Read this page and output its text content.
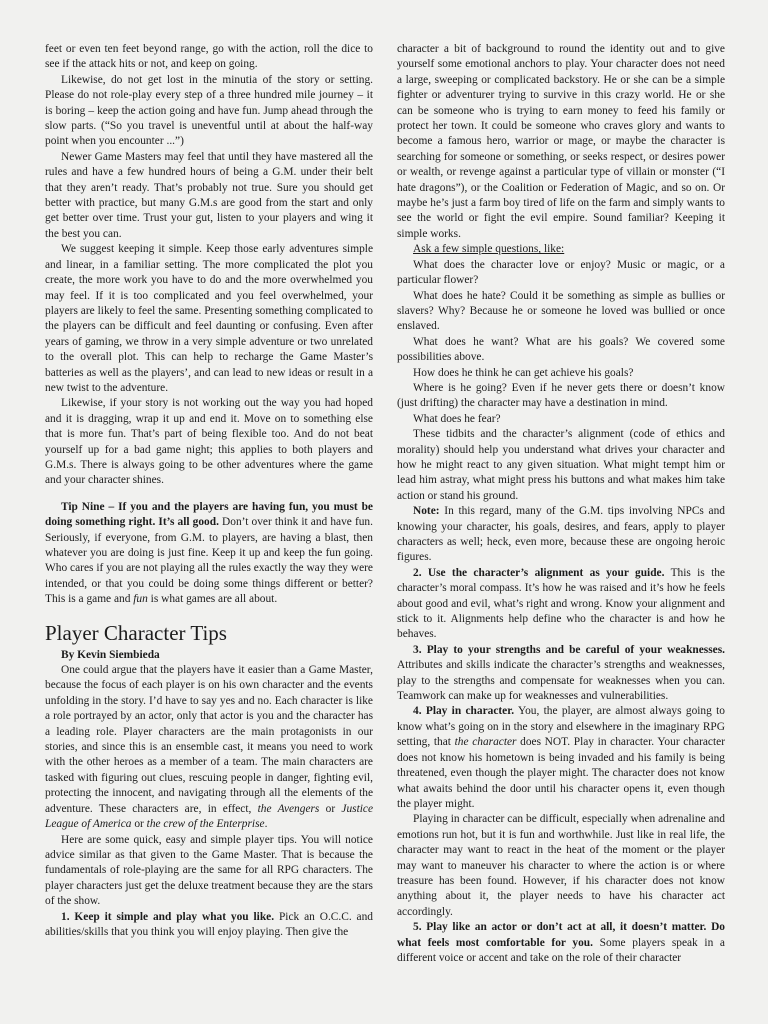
feet or even ten feet beyond range, go with the action, roll the dice to see if the attack hits or not, and keep on going.

Likewise, do not get lost in the minutia of the story or setting. Please do not role-play every step of a three hundred mile journey – it is boring – keep the action going and have fun. Jump ahead through the slow parts. (“So you travel is uneventful until at about the half-way point when you encounter ...”)

Newer Game Masters may feel that until they have mastered all the rules and have a few hundred hours of being a G.M. under their belt that they aren’t ready. That’s probably not true. Sure you should get better with practice, but many G.M.s are good from the start and only get better over time. Trust your gut, listen to your players and wing it the best you can.

We suggest keeping it simple. Keep those early adventures simple and linear, in a familiar setting. The more complicated the plot you create, the more work you have to do and the more overwhelmed you may feel. If it is too complicated and you feel overwhelmed, your players are likely to feel the same. Presenting something complicated to the players can be difficult and feel daunting or confusing. Even after years of gaming, we throw in a very simple adventure or two unrelated to the overall plot. This can help to recharge the Game Master’s batteries as well as the players’, and can lead to new ideas or result in a new twist to the adventure.

Likewise, if your story is not working out the way you had hoped and it is dragging, wrap it up and end it. Move on to something else that is more fun. That’s part of being flexible too. And do not beat yourself up for a bad game night; this applies to both players and G.M.s. There is always going to be other adventures where the game and your character shines.

Tip Nine – If you and the players are having fun, you must be doing something right. It’s all good. Don’t over think it and have fun. Seriously, if everyone, from G.M. to players, are having a blast, then whatever you are doing is just fine. Keep it up and keep the fun going. Who cares if you are not playing all the rules exactly the way they were intended, or that you could be doing some things different or better? This is a game and fun is what games are all about.

Player Character Tips

By Kevin Siembieda

One could argue that the players have it easier than a Game Master, because the focus of each player is on his own character and the events unfolding in the story. I’d have to say yes and no. Each character is like a role portrayed by an actor, only that actor is you and the character has a leading role. Player characters are the main protagonists in our stories, and since this is an ensemble cast, it means you need to work with the other heroes as a member of a team. The main characters are tasked with figuring out clues, rescuing people in danger, fighting evil, protecting the innocent, and navigating through all the elements of the adventure. These characters are, in effect, the Avengers or Justice League of America or the crew of the Enterprise.

Here are some quick, easy and simple player tips. You will notice advice similar as that given to the Game Master. That is because the fundamentals of role-playing are the same for all RPG characters. The player characters just get the deluxe treatment because they are the stars of the show.

1. Keep it simple and play what you like. Pick an O.C.C. and abilities/skills that you think you will enjoy playing. Then give the

character a bit of background to round the identity out and to give yourself some emotional anchors to play. Your character does not need a large, sweeping or complicated backstory. He or she can be a simple fighter or adventurer trying to survive in this crazy world. He or she can be someone who is trying to earn money to feed his family or protect her town. It could be someone who craves glory and wants to become a famous hero, warrior or mage, or maybe the character is searching for someone or something, or seeks respect, or desires power or wealth, or revenge against a particular type of villain or monster (“I hate dragons”), or the Coalition or Federation of Magic, and so on. Or maybe he’s just a farm boy tired of life on the farm and simply wants to see the world or fight the evil empire. Sound familiar? Keeping it simple works.

Ask a few simple questions, like:

What does the character love or enjoy? Music or magic, or a particular flower?

What does he hate? Could it be something as simple as bullies or slavers? Why? Because he or someone he loved was bullied or once enslaved.

What does he want? What are his goals? We covered some possibilities above.

How does he think he can get achieve his goals?

Where is he going? Even if he never gets there or doesn’t know (just drifting) the character may have a destination in mind.

What does he fear?

These tidbits and the character’s alignment (code of ethics and morality) should help you understand what drives your character and how he might react to any given situation. What might tempt him or lead him astray, what might press his buttons and what makes him take action or stand his ground.

Note: In this regard, many of the G.M. tips involving NPCs and knowing your character, his goals, desires, and fears, apply to player characters as well; heck, even more, because these are ongoing heroic figures.

2. Use the character’s alignment as your guide. This is the character’s moral compass. It’s how he was raised and it’s how he feels about good and evil, what’s right and wrong. Know your alignment and stick to it. Alignments help define who the character is and how he behaves.

3. Play to your strengths and be careful of your weaknesses. Attributes and skills indicate the character’s strengths and weaknesses, play to the strengths and compensate for weaknesses when you can. Teamwork can make up for weaknesses and vulnerabilities.

4. Play in character. You, the player, are almost always going to know what’s going on in the story and elsewhere in the imaginary RPG setting, that the character does NOT. Play in character. Your character does not know his hometown is being invaded and his family is being threatened, even though the player might. The character does not know what awaits behind the door until his character opens it, even though the player might.

Playing in character can be difficult, especially when adrenaline and emotions run hot, but it is fun and worthwhile. Just like in real life, the character may want to react in the heat of the moment or the player may want to maneuver his character to where the action is or where treasure has been found. However, if his character does not know anything about it, the player needs to have his character act accordingly.

5. Play like an actor or don’t act at all, it doesn’t matter. Do what feels most comfortable for you. Some players speak in a different voice or accent and take on the role of their character
